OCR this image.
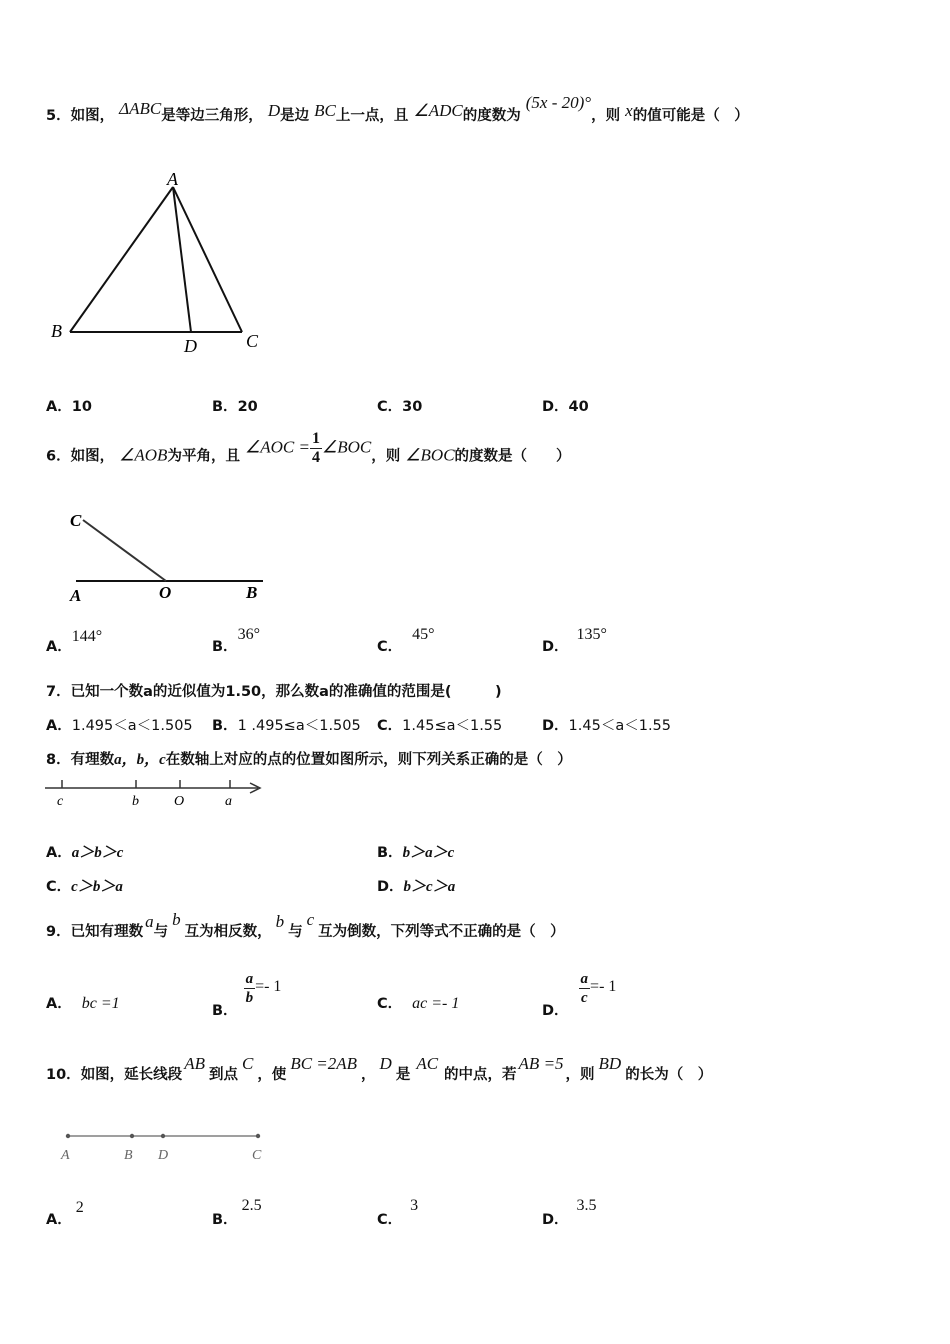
5．如图， ΔABC是等边三角形， D是边 BC上一点，且 ∠ADC的度数为 (5x - 20)°，则 x的值可能是（　）
A
B
D	C
A．10	B．20	C．30	D．40
6．如图， ∠AOB为平角，且 ∠AOC = $\frac{1}{4}$ ∠BOC，则 ∠BOC的度数是（　　）
C
A	O	B
A．144°
B．36°
C．45°
D．135°
7．已知一个数a的近似值为1.50，那么数a的准确值的范围是(　　　)
A．1.495＜a＜1.505 B．1 .495≤a＜1.505 C．1.45≤a＜1.55	D．1.45＜a＜1.55
8．有理数a，b，c在数轴上对应的点的位置如图所示，则下列关系正确的是（　）
c	b	O	a
A．a＞b＞c	B．b＞a＞c
C．c＞b＞a	D．b＞c＞a
9．已知有理数a与b互为相反数，b与c互为倒数，下列等式不正确的是（　）
A． bc =1	B．
$\frac{a}{b} =- 1$
C． ac =- 1	D．
$\frac{a}{c} =- 1$
10．如图，延长线段AB到点C，使BC =2AB，D是AC的中点，若AB =5，则BD的长为（　）
A	B D	C
A．2
B．2.5
C．3
D．3.5
